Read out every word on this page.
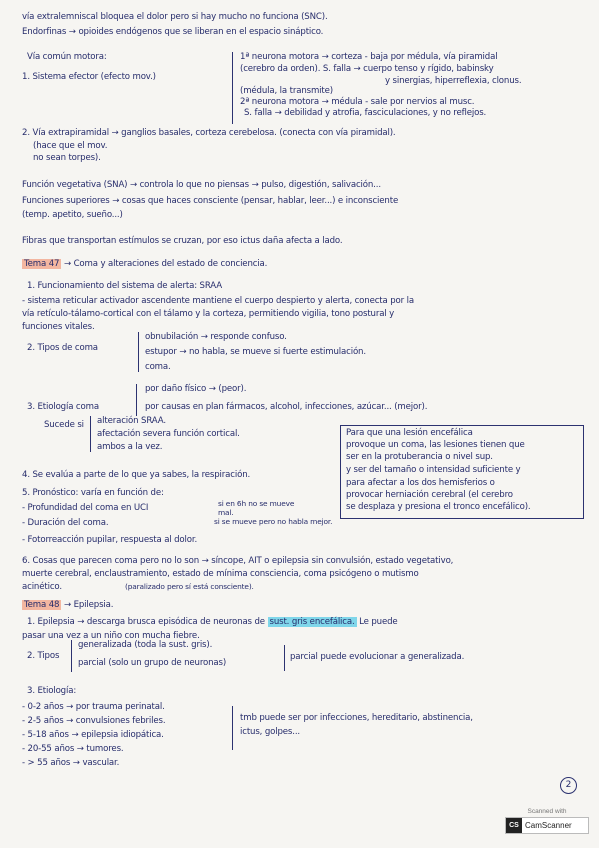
vía extralemniscal bloquea el dolor pero si hay mucho no funciona (SNC).
Endorfinas → opioides endógenos que se liberan en el espacio sináptico.
Vía común motora:
1. Sistema efector (efecto mov.)
1ª neurona motora → corteza - baja por médula, vía piramidal
(cerebro da orden). S. falla → cuerpo tenso y rígido, babinsky
y sinergias, hiperreflexia, clonus.
(médula, la transmite)
2ª neurona motora → médula - sale por nervios al musc.
S. falla → debilidad y atrofia, fasciculaciones, y no reflejos.
2. Vía extrapiramidal → ganglios basales, corteza cerebelosa. (conecta con vía piramidal).
(hace que el mov.
no sean torpes).
Función vegetativa (SNA) → controla lo que no piensas → pulso, digestión, salivación...
Funciones superiores → cosas que haces consciente (pensar, hablar, leer...) e inconsciente
(temp. apetito, sueño...)
Fibras que transportan estímulos se cruzan, por eso ictus daña afecta a lado.
Tema 47 → Coma y alteraciones del estado de conciencia.
1. Funcionamiento del sistema de alerta: SRAA
- sistema reticular activador ascendente mantiene el cuerpo despierto y alerta, conecta por la
vía retículo-tálamo-cortical con el tálamo y la corteza, permitiendo vigilia, tono postural y
funciones vitales.
2. Tipos de coma
obnubilación → responde confuso.
estupor → no habla, se mueve si fuerte estimulación.
coma.
por daño físico → (peor).
3. Etiología coma	por causas en plan fármacos, alcohol, infecciones, azúcar... (mejor).
Sucede si alteración SRAA.
afectación severa función cortical.
ambos a la vez.
Para que una lesión encefálica
provoque un coma, las lesiones tienen que
ser en la protuberancia o nivel sup.
y ser del tamaño o intensidad suficiente y
para afectar a los dos hemisferios o
provocar herniación cerebral (el cerebro
se desplaza y presiona el tronco encefálico).
4. Se evalúa a parte de lo que ya sabes, la respiración.
5. Pronóstico: varía en función de:
- Profundidad del coma en UCI	si en 6h no se mueve
mal.
si se mueve pero no habla mejor.
- Duración del coma.
- Fotorreacción pupilar, respuesta al dolor.
6. Cosas que parecen coma pero no lo son → síncope, AIT o epilepsia sin convulsión, estado vegetativo,
muerte cerebral, enclaustramiento, estado de mínima consciencia, coma psicógeno o mutismo
acinético.	(paralizado pero sí está consciente).
Tema 48 → Epilepsia.
1. Epilepsia → descarga brusca episódica de neuronas de sust. gris encefálica. Le puede
pasar una vez a un niño con mucha fiebre.
2. Tipos
generalizada (toda la sust. gris).
parcial (solo un grupo de neuronas)
parcial puede evolucionar a generalizada.
3. Etiología:
- 0-2 años → por trauma perinatal.
- 2-5 años → convulsiones febriles.
- 5-18 años → epilepsia idiopática.
- 20-55 años → tumores.
- > 55 años → vascular.
tmb puede ser por infecciones, hereditario, abstinencia,
ictus, golpes...
2
Scanned with
CS CamScanner
